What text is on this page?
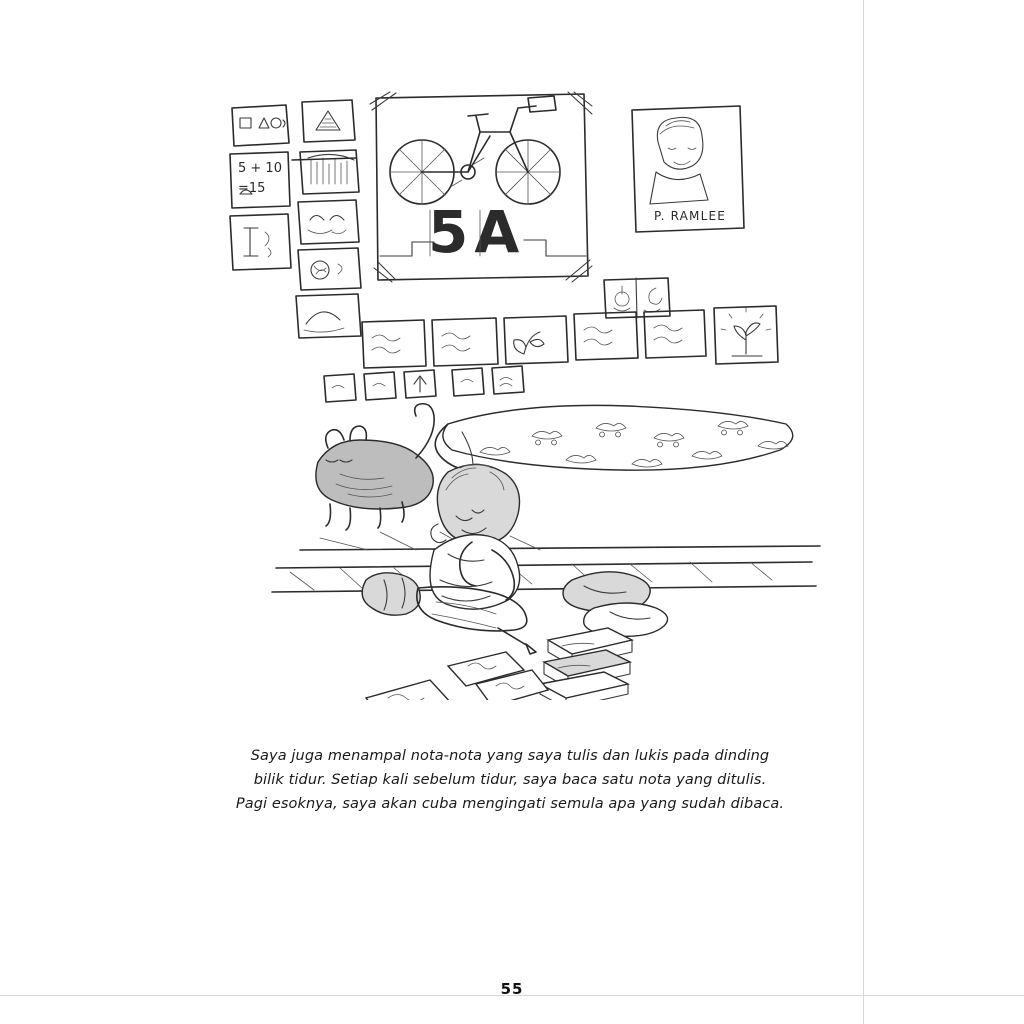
5 + 10
=15
5A	P. RAMLEE

Saya juga menampal nota-nota yang saya tulis dan lukis pada dinding

bilik tidur. Setiap kali sebelum tidur, saya baca satu nota yang ditulis.

Pagi esoknya, saya akan cuba mengingati semula apa yang sudah dibaca.

55
